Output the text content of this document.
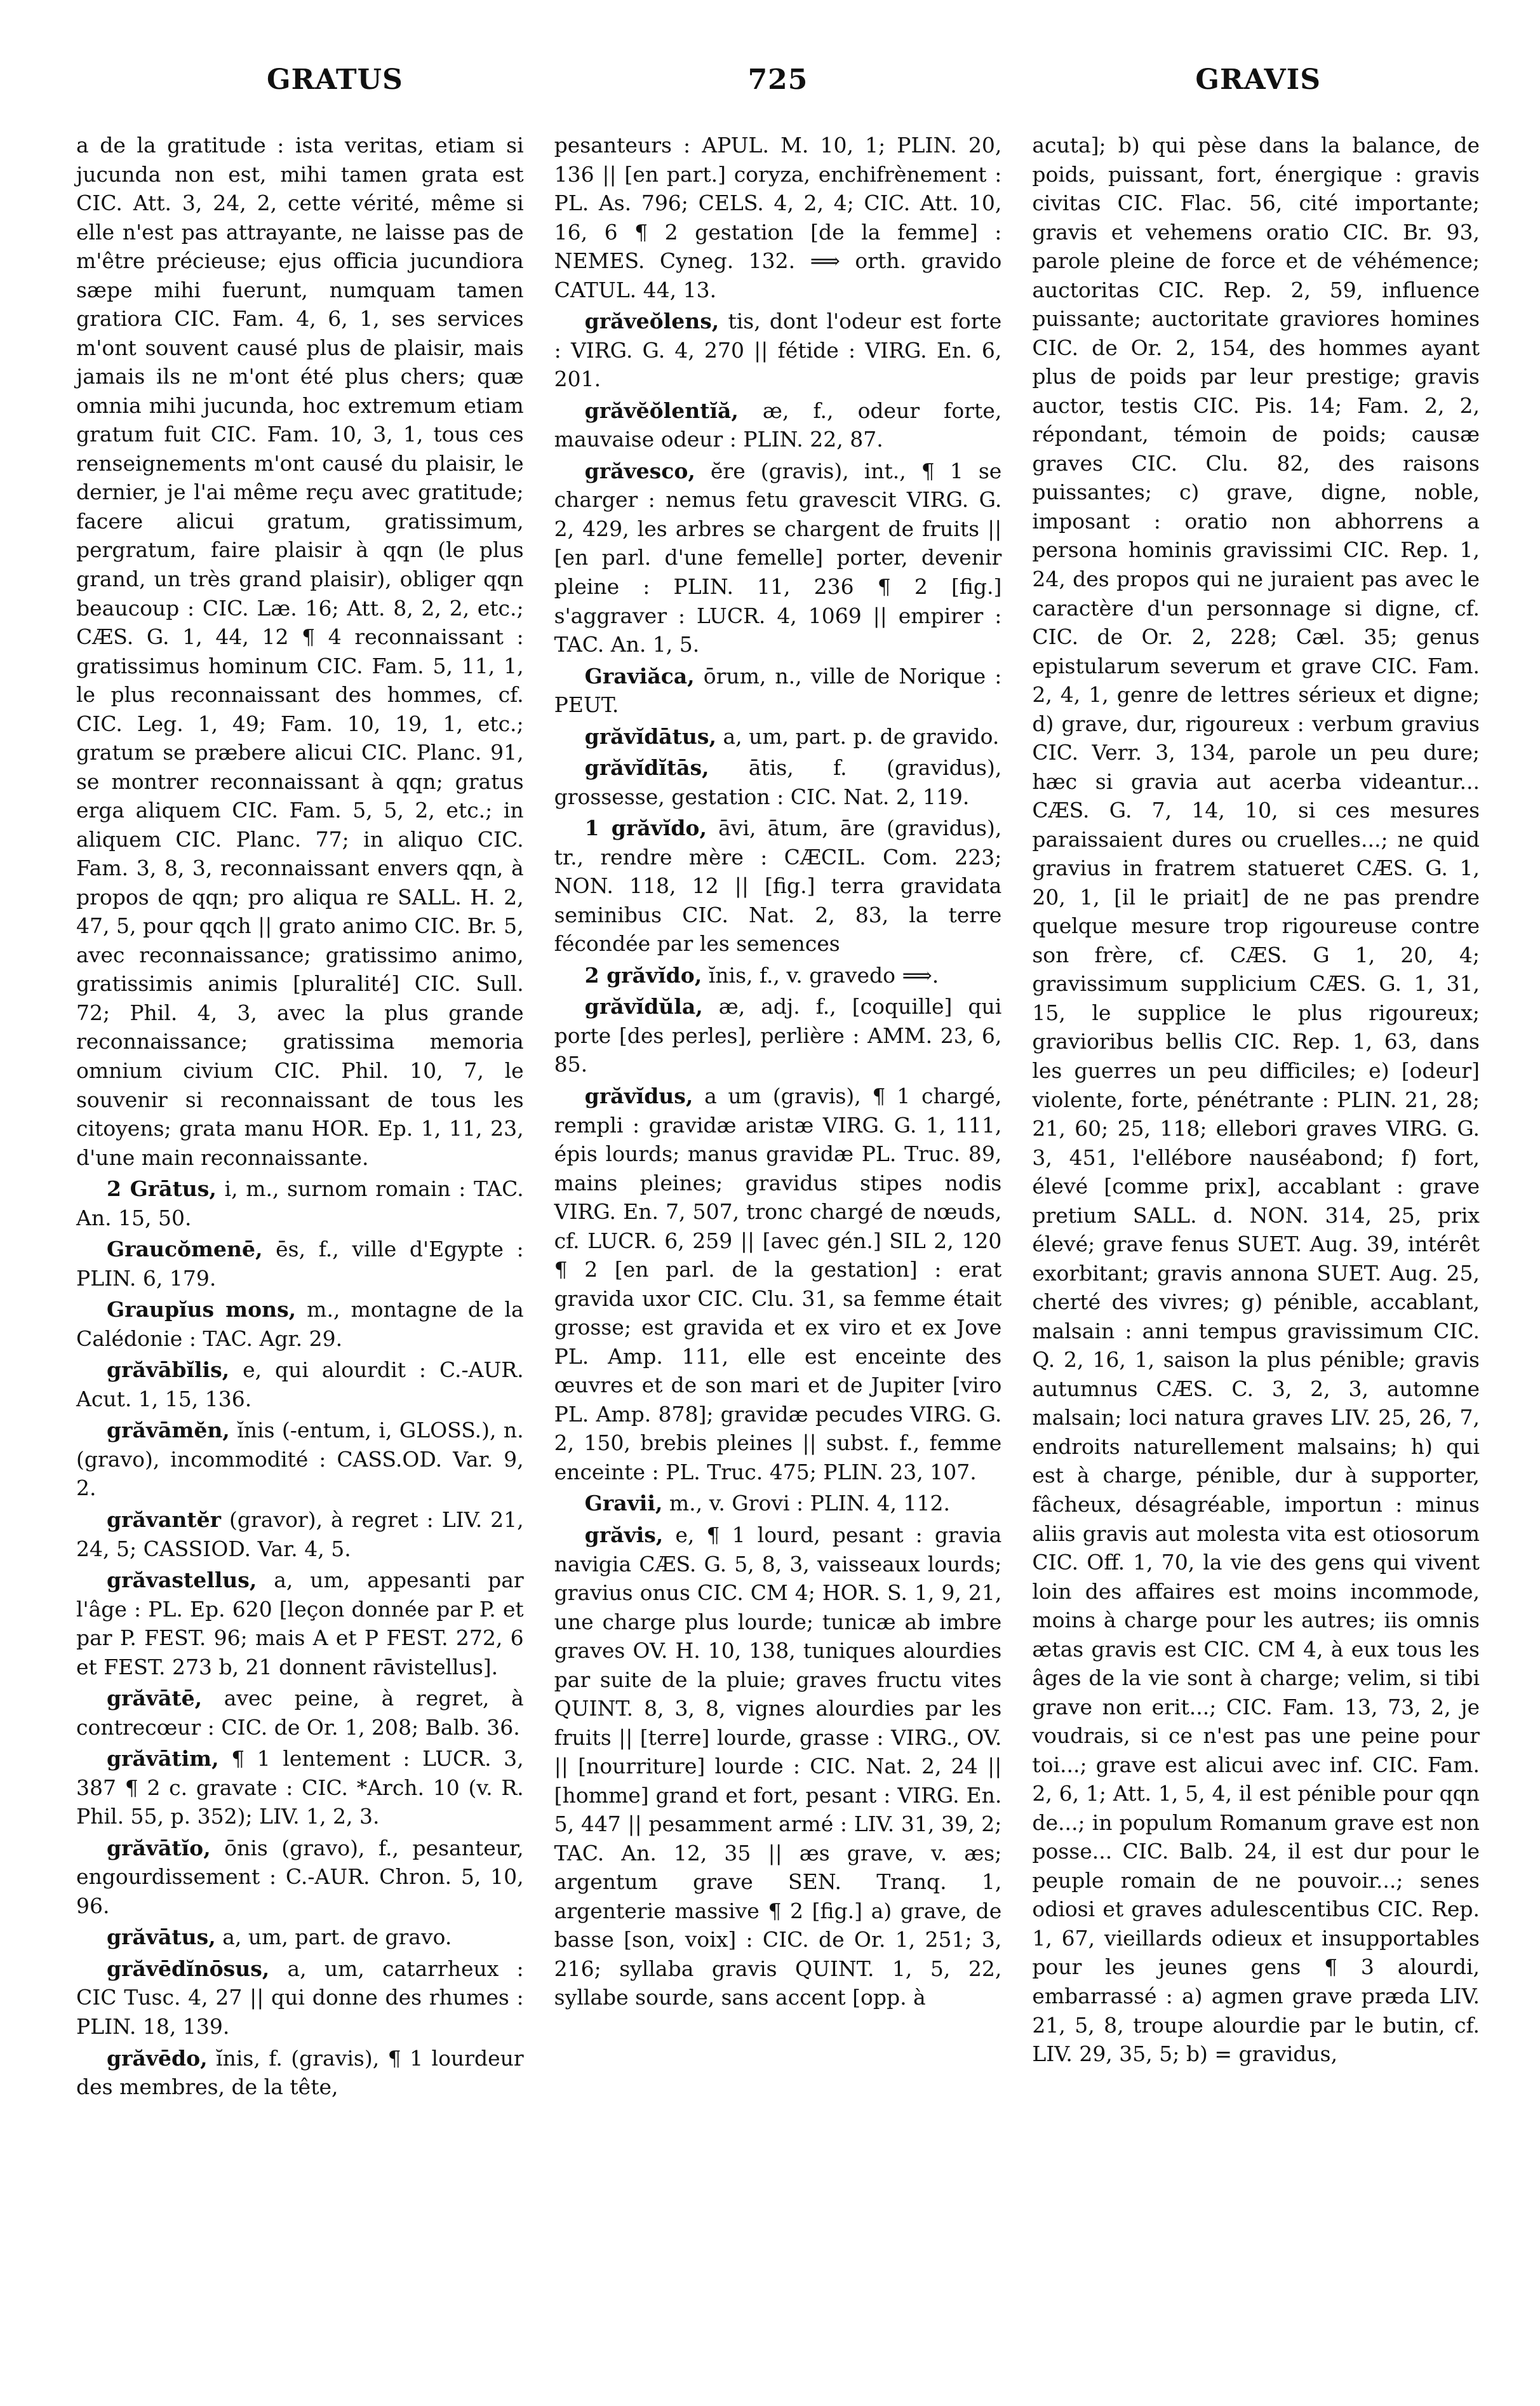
GRATUS	725	GRAVIS

a de la gratitude : ista veritas, etiam si jucunda non est, mihi tamen grata est CIC. Att. 3, 24, 2, cette vérité, même si elle n'est pas attrayante, ne laisse pas de m'être précieuse; ejus officia jucundiora sæpe mihi fuerunt, numquam tamen gratiora CIC. Fam. 4, 6, 1, ses services m'ont souvent causé plus de plaisir, mais jamais ils ne m'ont été plus chers; quæ omnia mihi jucunda, hoc extremum etiam gratum fuit CIC. Fam. 10, 3, 1, tous ces renseignements m'ont causé du plaisir, le dernier, je l'ai même reçu avec gratitude; facere alicui gratum, gratissimum, pergratum, faire plaisir à qqn (le plus grand, un très grand plaisir), obliger qqn beaucoup : CIC. Læ. 16; Att. 8, 2, 2, etc.; CÆS. G. 1, 44, 12 ¶ 4 reconnaissant : gratissimus hominum CIC. Fam. 5, 11, 1, le plus reconnaissant des hommes, cf. CIC. Leg. 1, 49; Fam. 10, 19, 1, etc.; gratum se præbere alicui CIC. Planc. 91, se montrer reconnaissant à qqn; gratus erga aliquem CIC. Fam. 5, 5, 2, etc.; in aliquem CIC. Planc. 77; in aliquo CIC. Fam. 3, 8, 3, reconnaissant envers qqn, à propos de qqn; pro aliqua re SALL. H. 2, 47, 5, pour qqch || grato animo CIC. Br. 5, avec reconnaissance; gratissimo animo, gratissimis animis [pluralité] CIC. Sull. 72; Phil. 4, 3, avec la plus grande reconnaissance; gratissima memoria omnium civium CIC. Phil. 10, 7, le souvenir si reconnaissant de tous les citoyens; grata manu HOR. Ep. 1, 11, 23, d'une main reconnaissante.

2 Grātus, i, m., surnom romain : TAC. An. 15, 50.

Graucŏmenē, ēs, f., ville d'Egypte : PLIN. 6, 179.

Graupĭus mons, m., montagne de la Calédonie : TAC. Agr. 29.

grăvābĭlis, e, qui alourdit : C.-AUR. Acut. 1, 15, 136.

grăvāmĕn, ĭnis (-entum, i, GLOSS.), n. (gravo), incommodité : CASS.OD. Var. 9, 2.

grăvantĕr (gravor), à regret : LIV. 21, 24, 5; CASSIOD. Var. 4, 5.

grăvastellus, a, um, appesanti par l'âge : PL. Ep. 620 [leçon donnée par P. et par P. FEST. 96; mais A et P FEST. 272, 6 et FEST. 273 b, 21 donnent rāvistellus].

grăvātē, avec peine, à regret, à contrecœur : CIC. de Or. 1, 208; Balb. 36.

grăvātim, ¶ 1 lentement : LUCR. 3, 387 ¶ 2 c. gravate : CIC. *Arch. 10 (v. R. Phil. 55, p. 352); LIV. 1, 2, 3.

grăvātĭo, ōnis (gravo), f., pesanteur, engourdissement : C.-AUR. Chron. 5, 10, 96.

grăvātus, a, um, part. de gravo.

grăvēdĭnōsus, a, um, catarrheux : CIC Tusc. 4, 27 || qui donne des rhumes : PLIN. 18, 139.

grăvēdo, ĭnis, f. (gravis), ¶ 1 lourdeur des membres, de la tête,

pesanteurs : APUL. M. 10, 1; PLIN. 20, 136 || [en part.] coryza, enchifrènement : PL. As. 796; CELS. 4, 2, 4; CIC. Att. 10, 16, 6 ¶ 2 gestation [de la femme] : NEMES. Cyneg. 132. ⟹ orth. gravido CATUL. 44, 13.

grăveŏlens, tis, dont l'odeur est forte : VIRG. G. 4, 270 || fétide : VIRG. En. 6, 201.

grăvĕŏlentĭă, æ, f., odeur forte, mauvaise odeur : PLIN. 22, 87.

grăvesco, ĕre (gravis), int., ¶ 1 se charger : nemus fetu gravescit VIRG. G. 2, 429, les arbres se chargent de fruits || [en parl. d'une femelle] porter, devenir pleine : PLIN. 11, 236 ¶ 2 [fig.] s'aggraver : LUCR. 4, 1069 || empirer : TAC. An. 1, 5.

Graviăca, ōrum, n., ville de Norique : PEUT.

grăvĭdātus, a, um, part. p. de gravido.

grăvĭdĭtās, ātis, f. (gravidus), grossesse, gestation : CIC. Nat. 2, 119.

1 grăvĭdo, āvi, ātum, āre (gravidus), tr., rendre mère : CÆCIL. Com. 223; NON. 118, 12 || [fig.] terra gravidata seminibus CIC. Nat. 2, 83, la terre fécondée par les semences

2 grăvĭdo, ĭnis, f., v. gravedo ⟹.

grăvĭdŭla, æ, adj. f., [coquille] qui porte [des perles], perlière : AMM. 23, 6, 85.

grăvĭdus, a um (gravis), ¶ 1 chargé, rempli : gravidæ aristæ VIRG. G. 1, 111, épis lourds; manus gravidæ PL. Truc. 89, mains pleines; gravidus stipes nodis VIRG. En. 7, 507, tronc chargé de nœuds, cf. LUCR. 6, 259 || [avec gén.] SIL 2, 120 ¶ 2 [en parl. de la gestation] : erat gravida uxor CIC. Clu. 31, sa femme était grosse; est gravida et ex viro et ex Jove PL. Amp. 111, elle est enceinte des œuvres et de son mari et de Jupiter [viro PL. Amp. 878]; gravidæ pecudes VIRG. G. 2, 150, brebis pleines || subst. f., femme enceinte : PL. Truc. 475; PLIN. 23, 107.

Gravii, m., v. Grovi : PLIN. 4, 112.

grăvis, e, ¶ 1 lourd, pesant : gravia navigia CÆS. G. 5, 8, 3, vaisseaux lourds; gravius onus CIC. CM 4; HOR. S. 1, 9, 21, une charge plus lourde; tunicæ ab imbre graves OV. H. 10, 138, tuniques alourdies par suite de la pluie; graves fructu vites QUINT. 8, 3, 8, vignes alourdies par les fruits || [terre] lourde, grasse : VIRG., OV. || [nourriture] lourde : CIC. Nat. 2, 24 || [homme] grand et fort, pesant : VIRG. En. 5, 447 || pesamment armé : LIV. 31, 39, 2; TAC. An. 12, 35 || æs grave, v. æs; argentum grave SEN. Tranq. 1, argenterie massive ¶ 2 [fig.] a) grave, de basse [son, voix] : CIC. de Or. 1, 251; 3, 216; syllaba gravis QUINT. 1, 5, 22, syllabe sourde, sans accent [opp. à

acuta]; b) qui pèse dans la balance, de poids, puissant, fort, énergique : gravis civitas CIC. Flac. 56, cité importante; gravis et vehemens oratio CIC. Br. 93, parole pleine de force et de véhémence; auctoritas CIC. Rep. 2, 59, influence puissante; auctoritate graviores homines CIC. de Or. 2, 154, des hommes ayant plus de poids par leur prestige; gravis auctor, testis CIC. Pis. 14; Fam. 2, 2, répondant, témoin de poids; causæ graves CIC. Clu. 82, des raisons puissantes; c) grave, digne, noble, imposant : oratio non abhorrens a persona hominis gravissimi CIC. Rep. 1, 24, des propos qui ne juraient pas avec le caractère d'un personnage si digne, cf. CIC. de Or. 2, 228; Cæl. 35; genus epistularum severum et grave CIC. Fam. 2, 4, 1, genre de lettres sérieux et digne; d) grave, dur, rigoureux : verbum gravius CIC. Verr. 3, 134, parole un peu dure; hæc si gravia aut acerba videantur... CÆS. G. 7, 14, 10, si ces mesures paraissaient dures ou cruelles...; ne quid gravius in fratrem statueret CÆS. G. 1, 20, 1, [il le priait] de ne pas prendre quelque mesure trop rigoureuse contre son frère, cf. CÆS. G 1, 20, 4; gravissimum supplicium CÆS. G. 1, 31, 15, le supplice le plus rigoureux; gravioribus bellis CIC. Rep. 1, 63, dans les guerres un peu difficiles; e) [odeur] violente, forte, pénétrante : PLIN. 21, 28; 21, 60; 25, 118; ellebori graves VIRG. G. 3, 451, l'ellébore nauséabond; f) fort, élevé [comme prix], accablant : grave pretium SALL. d. NON. 314, 25, prix élevé; grave fenus SUET. Aug. 39, intérêt exorbitant; gravis annona SUET. Aug. 25, cherté des vivres; g) pénible, accablant, malsain : anni tempus gravissimum CIC. Q. 2, 16, 1, saison la plus pénible; gravis autumnus CÆS. C. 3, 2, 3, automne malsain; loci natura graves LIV. 25, 26, 7, endroits naturellement malsains; h) qui est à charge, pénible, dur à supporter, fâcheux, désagréable, importun : minus aliis gravis aut molesta vita est otiosorum CIC. Off. 1, 70, la vie des gens qui vivent loin des affaires est moins incommode, moins à charge pour les autres; iis omnis ætas gravis est CIC. CM 4, à eux tous les âges de la vie sont à charge; velim, si tibi grave non erit...; CIC. Fam. 13, 73, 2, je voudrais, si ce n'est pas une peine pour toi...; grave est alicui avec inf. CIC. Fam. 2, 6, 1; Att. 1, 5, 4, il est pénible pour qqn de...; in populum Romanum grave est non posse... CIC. Balb. 24, il est dur pour le peuple romain de ne pouvoir...; senes odiosi et graves adulescentibus CIC. Rep. 1, 67, vieillards odieux et insupportables pour les jeunes gens ¶ 3 alourdi, embarrassé : a) agmen grave præda LIV. 21, 5, 8, troupe alourdie par le butin, cf. LIV. 29, 35, 5; b) = gravidus,
